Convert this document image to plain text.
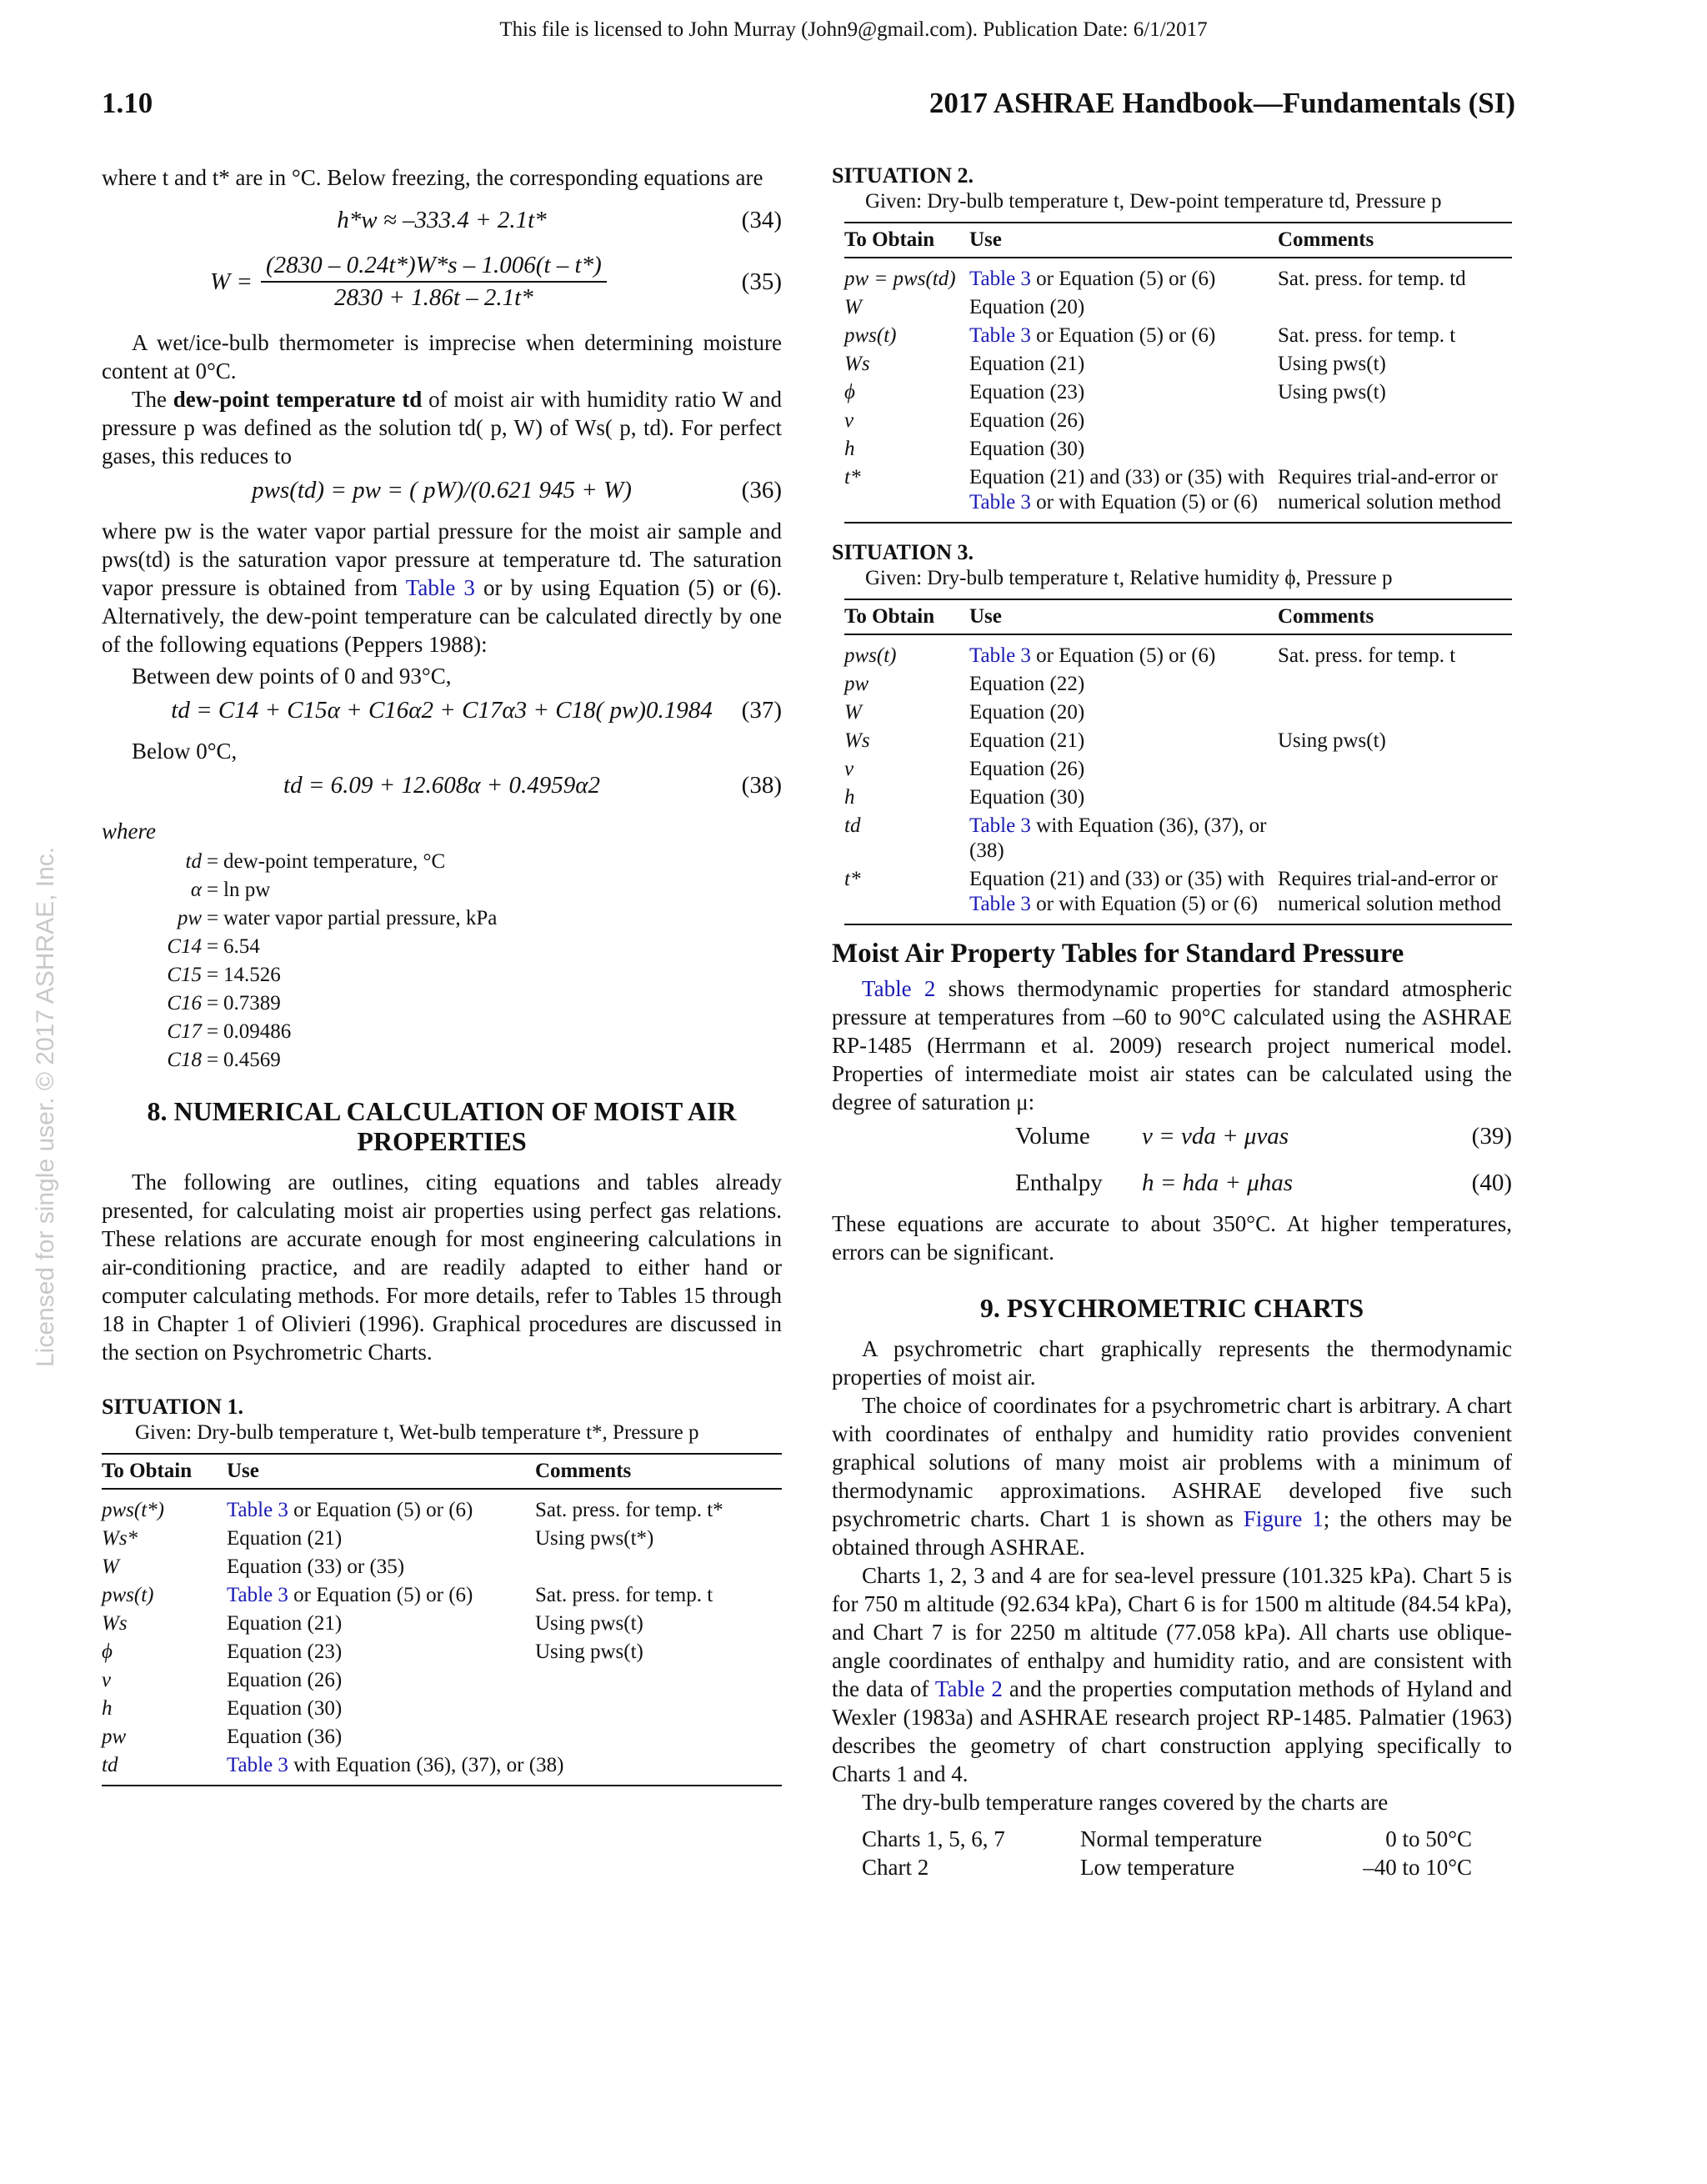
This file is licensed to John Murray (John9@gmail.com). Publication Date: 6/1/2017
1.10	2017 ASHRAE Handbook—Fundamentals (SI)
Licensed for single user. © 2017 ASHRAE, Inc.

where t and t* are in °C. Below freezing, the corresponding equations are

h*w ≈ –333.4 + 2.1t*	(34)
$W = \frac{(2830 - 0.24t*)W*s - 1.006(t - t*)}{2830 + 1.86t - 2.1t*}$	(35)

A wet/ice-bulb thermometer is imprecise when determining moisture content at 0°C.

The dew-point temperature td of moist air with humidity ratio W and pressure p was defined as the solution td( p, W) of Ws( p, td). For perfect gases, this reduces to

pws(td) = pw = ( pW)/(0.621 945 + W)	(36)

where pw is the water vapor partial pressure for the moist air sample and pws(td) is the saturation vapor pressure at temperature td. The saturation vapor pressure is obtained from Table 3 or by using Equation (5) or (6). Alternatively, the dew-point temperature can be calculated directly by one of the following equations (Peppers 1988):

Between dew points of 0 and 93°C,

td = C14 + C15α + C16α2 + C17α3 + C18( pw)0.1984	(37)

Below 0°C,

td = 6.09 + 12.608α + 0.4959α2	(38)
where
td = dew-point temperature, °C
α = ln pw
pw = water vapor partial pressure, kPa
C14 = 6.54
C15 = 14.526
C16 = 0.7389
C17 = 0.09486
C18 = 0.4569
8. NUMERICAL CALCULATION OF MOIST AIR PROPERTIES

The following are outlines, citing equations and tables already presented, for calculating moist air properties using perfect gas relations. These relations are accurate enough for most engineering calculations in air-conditioning practice, and are readily adapted to either hand or computer calculating methods. For more details, refer to Tables 15 through 18 in Chapter 1 of Olivieri (1996). Graphical procedures are discussed in the section on Psychrometric Charts.

SITUATION 1.
Given: Dry-bulb temperature t, Wet-bulb temperature t*, Pressure p
To Obtain	Use	Comments
pws(t*)	Table 3 or Equation (5) or (6)	Sat. press. for temp. t*
Ws*	Equation (21)	Using pws(t*)
W	Equation (33) or (35)	
pws(t)	Table 3 or Equation (5) or (6)	Sat. press. for temp. t
Ws	Equation (21)	Using pws(t)
ϕ	Equation (23)	Using pws(t)
v	Equation (26)	
h	Equation (30)	
pw	Equation (36)	
td	Table 3 with Equation (36), (37), or (38)	
SITUATION 2.
Given: Dry-bulb temperature t, Dew-point temperature td, Pressure p
To Obtain	Use	Comments
pw = pws(td)	Table 3 or Equation (5) or (6)	Sat. press. for temp. td
W	Equation (20)	
pws(t)	Table 3 or Equation (5) or (6)	Sat. press. for temp. t
Ws	Equation (21)	Using pws(t)
ϕ	Equation (23)	Using pws(t)
v	Equation (26)	
h	Equation (30)	
t*	Equation (21) and (33) or (35) with Table 3 or with Equation (5) or (6)	Requires trial-and-error or numerical solution method
SITUATION 3.
Given: Dry-bulb temperature t, Relative humidity ϕ, Pressure p
To Obtain	Use	Comments
pws(t)	Table 3 or Equation (5) or (6)	Sat. press. for temp. t
pw	Equation (22)	
W	Equation (20)	
Ws	Equation (21)	Using pws(t)
v	Equation (26)	
h	Equation (30)	
td	Table 3 with Equation (36), (37), or (38)	
t*	Equation (21) and (33) or (35) with Table 3 or with Equation (5) or (6)	Requires trial-and-error or numerical solution method
Moist Air Property Tables for Standard Pressure

Table 2 shows thermodynamic properties for standard atmospheric pressure at temperatures from –60 to 90°C calculated using the ASHRAE RP-1485 (Herrmann et al. 2009) research project numerical model. Properties of intermediate moist air states can be calculated using the degree of saturation μ:

Volume v = vda + μvas	(39)
Enthalpy h = hda + μhas	(40)

These equations are accurate to about 350°C. At higher temperatures, errors can be significant.

9. PSYCHROMETRIC CHARTS

A psychrometric chart graphically represents the thermodynamic properties of moist air.

The choice of coordinates for a psychrometric chart is arbitrary. A chart with coordinates of enthalpy and humidity ratio provides convenient graphical solutions of many moist air problems with a minimum of thermodynamic approximations. ASHRAE developed five such psychrometric charts. Chart 1 is shown as Figure 1; the others may be obtained through ASHRAE.

Charts 1, 2, 3 and 4 are for sea-level pressure (101.325 kPa). Chart 5 is for 750 m altitude (92.634 kPa), Chart 6 is for 1500 m altitude (84.54 kPa), and Chart 7 is for 2250 m altitude (77.058 kPa). All charts use oblique-angle coordinates of enthalpy and humidity ratio, and are consistent with the data of Table 2 and the properties computation methods of Hyland and Wexler (1983a) and ASHRAE research project RP-1485. Palmatier (1963) describes the geometry of chart construction applying specifically to Charts 1 and 4.

The dry-bulb temperature ranges covered by the charts are

Charts 1, 5, 6, 7	Normal temperature	0 to 50°C
Chart 2	Low temperature	–40 to 10°C
